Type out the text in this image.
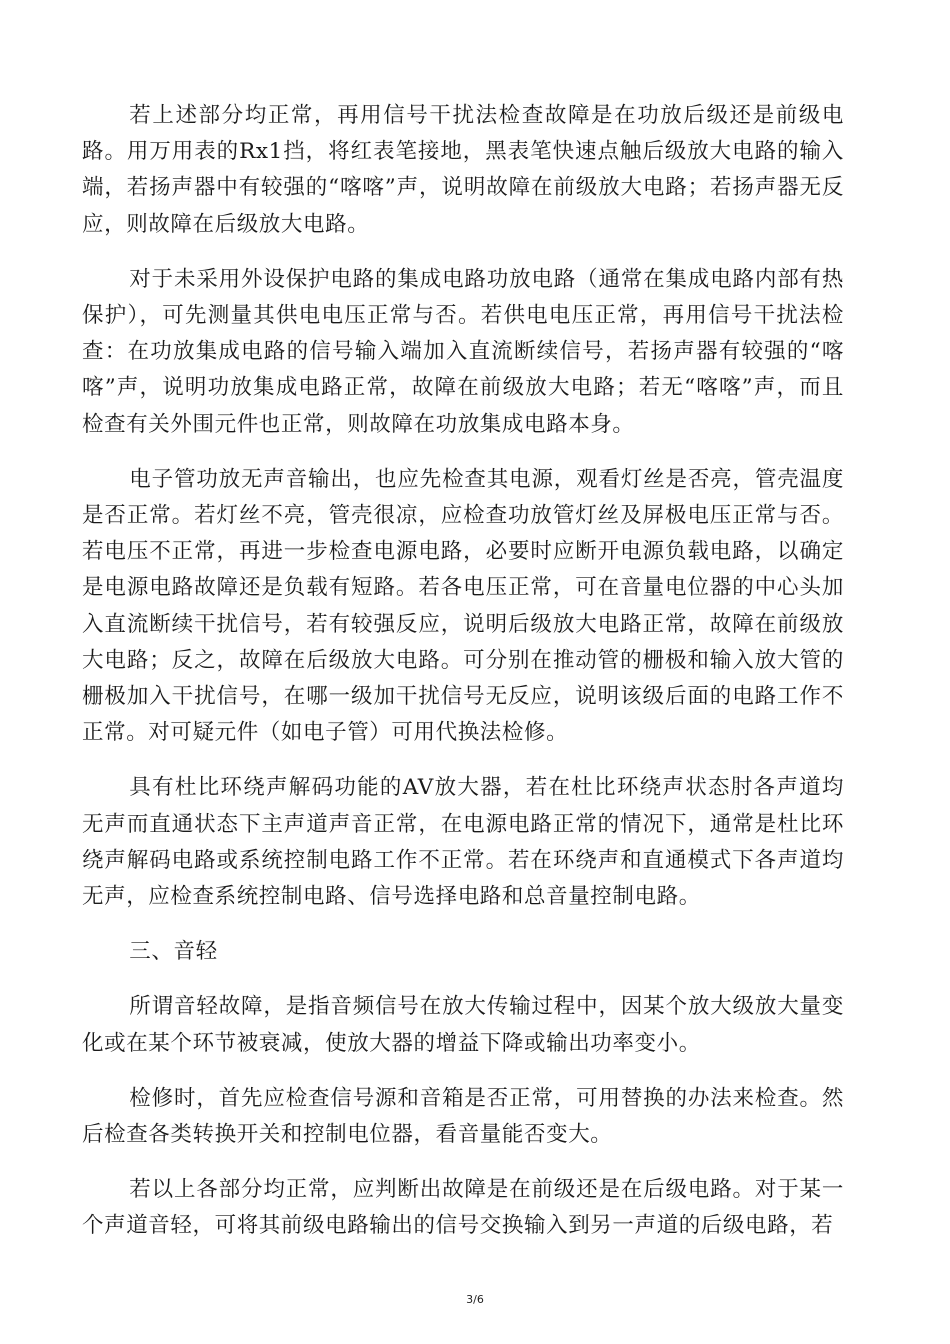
若上述部分均正常，再用信号干扰法检查故障是在功放后级还是前级电路。用万用表的Rx1挡，将红表笔接地，黑表笔快速点触后级放大电路的输入端，若扬声器中有较强的“喀喀”声，说明故障在前级放大电路；若扬声器无反应，则故障在后级放大电路。

对于未采用外设保护电路的集成电路功放电路（通常在集成电路内部有热保护），可先测量其供电电压正常与否。若供电电压正常，再用信号干扰法检查：在功放集成电路的信号输入端加入直流断续信号，若扬声器有较强的“喀喀”声，说明功放集成电路正常，故障在前级放大电路；若无“喀喀”声，而且检查有关外围元件也正常，则故障在功放集成电路本身。

电子管功放无声音输出，也应先检查其电源，观看灯丝是否亮，管壳温度是否正常。若灯丝不亮，管壳很凉，应检查功放管灯丝及屏极电压正常与否。若电压不正常，再进一步检查电源电路，必要时应断开电源负载电路，以确定是电源电路故障还是负载有短路。若各电压正常，可在音量电位器的中心头加入直流断续干扰信号，若有较强反应，说明后级放大电路正常，故障在前级放大电路；反之，故障在后级放大电路。可分别在推动管的栅极和输入放大管的栅极加入干扰信号，在哪一级加干扰信号无反应，说明该级后面的电路工作不正常。对可疑元件（如电子管）可用代换法检修。

具有杜比环绕声解码功能的AV放大器，若在杜比环绕声状态肘各声道均无声而直通状态下主声道声音正常，在电源电路正常的情况下，通常是杜比环绕声解码电路或系统控制电路工作不正常。若在环绕声和直通模式下各声道均无声，应检查系统控制电路、信号选择电路和总音量控制电路。

三、音轻

所谓音轻故障，是指音频信号在放大传输过程中，因某个放大级放大量变化或在某个环节被衰减，使放大器的增益下降或输出功率变小。

检修时，首先应检查信号源和音箱是否正常，可用替换的办法来检查。然后检查各类转换开关和控制电位器，看音量能否变大。

若以上各部分均正常，应判断出故障是在前级还是在后级电路。对于某一个声道音轻，可将其前级电路输出的信号交换输入到另一声道的后级电路，若

3/6
